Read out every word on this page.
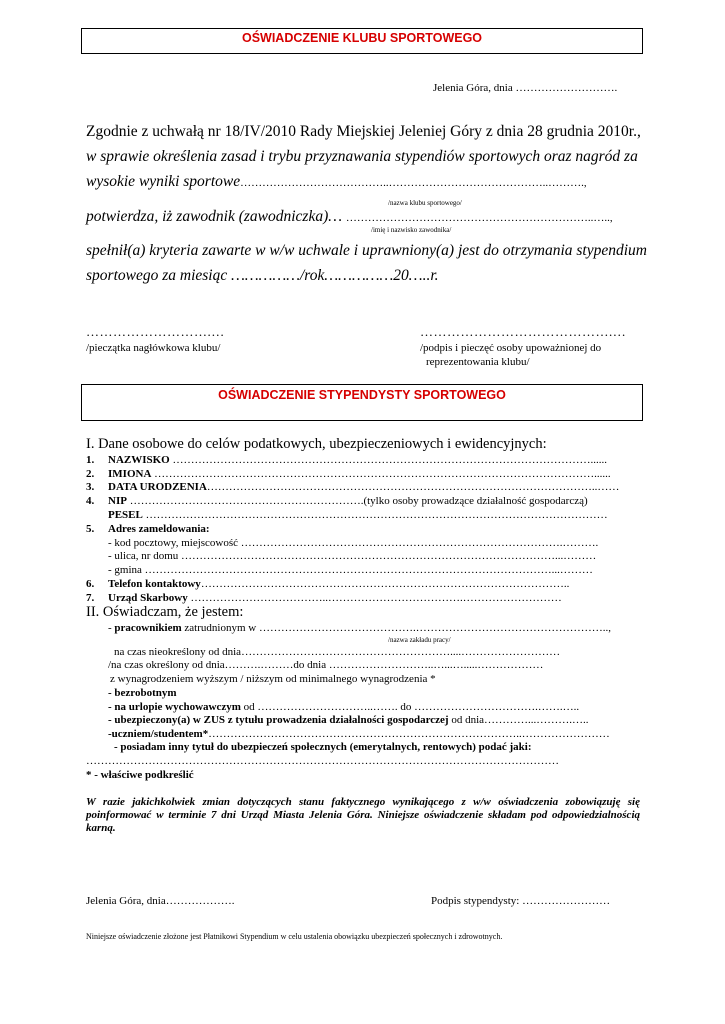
OŚWIADCZENIE KLUBU SPORTOWEGO
Jelenia Góra, dnia ……………………….
Zgodnie z uchwałą nr 18/IV/2010 Rady Miejskiej Jeleniej Góry z dnia 28 grudnia 2010r.,
w sprawie określenia zasad i trybu przyznawania stypendiów sportowych oraz nagród za
wysokie wyniki sportowe…………………………………..……………………………………..……….,
/nazwa klubu sportowego/
potwierdza, iż zawodnik (zawodniczka)… …………………………………………………………..…..,
/imię i nazwisko zawodnika/
spełnił(a) kryteria zawarte w w/w uchwale i uprawniony(a) jest do otrzymania stypendium
sportowego za miesiąc ……………/rok……………20…..r.
……………………….…
/pieczątka nagłówkowa klubu/
…………………………………….…
/podpis i pieczęć osoby upoważnionej do
reprezentowania klubu/
OŚWIADCZENIE STYPENDYSTY SPORTOWEGO
I. Dane osobowe do celów podatkowych, ubezpieczeniowych i ewidencyjnych:
1. NAZWISKO ……………………………………………………………………………………………………......
2. IMIONA …………………………………………………………………………………………………………......
3. DATA URODZENIA……………………………………………………………………………………………..……
4. NIP ……………………………………………………….(tylko osoby prowadzące działalność gospodarczą)
PESEL ………………………………………………………………………………………………………………
5. Adres zameldowania:
- kod pocztowy, miejscowość …………………………………………………………………………….……….
- ulica, nr domu …………………………………………………………………………………………...………
- gmina …………………………………………………………………………………………………...………
6. Telefon kontaktowy………………………………………………………………………………………..
7. Urząd Skarbowy ………………………………..……………………………….………………………
II. Oświadczam, że jestem:
- pracownikiem zatrudnionym w …………………………………….……………………………………………..,
/nazwa zakładu pracy/
na czas nieokreślony od dnia…………………………………………………....………………………
/na czas określony od dnia……….………do dnia ………………………..…...….....………………
z wynagrodzeniem wyższym / niższym od minimalnego wynagrodzenia *
- bezrobotnym
- na urlopie wychowawczym od …………………………..……. do …………………………….…….…..
- ubezpieczony(a) w ZUS z tytułu prowadzenia działalności gospodarczej od dnia…………...……….…..
-uczniem/studentem*…………………………………………………………………………..……………………
- posiadam inny tytuł do ubezpieczeń społecznych (emerytalnych, rentowych) podać jaki:
…………………………………………………………………………………………………………………
* - właściwe podkreślić
W razie jakichkolwiek zmian dotyczących stanu faktycznego wynikającego z w/w oświadczenia zobowiązuję się poinformować w terminie 7 dni Urząd Miasta Jelenia Góra. Niniejsze oświadczenie składam pod odpowiedzialnością karną.
Jelenia Góra, dnia……………….	Podpis stypendysty: ……………………
Niniejsze oświadczenie złożone jest Płatnikowi Stypendium w celu ustalenia obowiązku ubezpieczeń społecznych i zdrowotnych.
